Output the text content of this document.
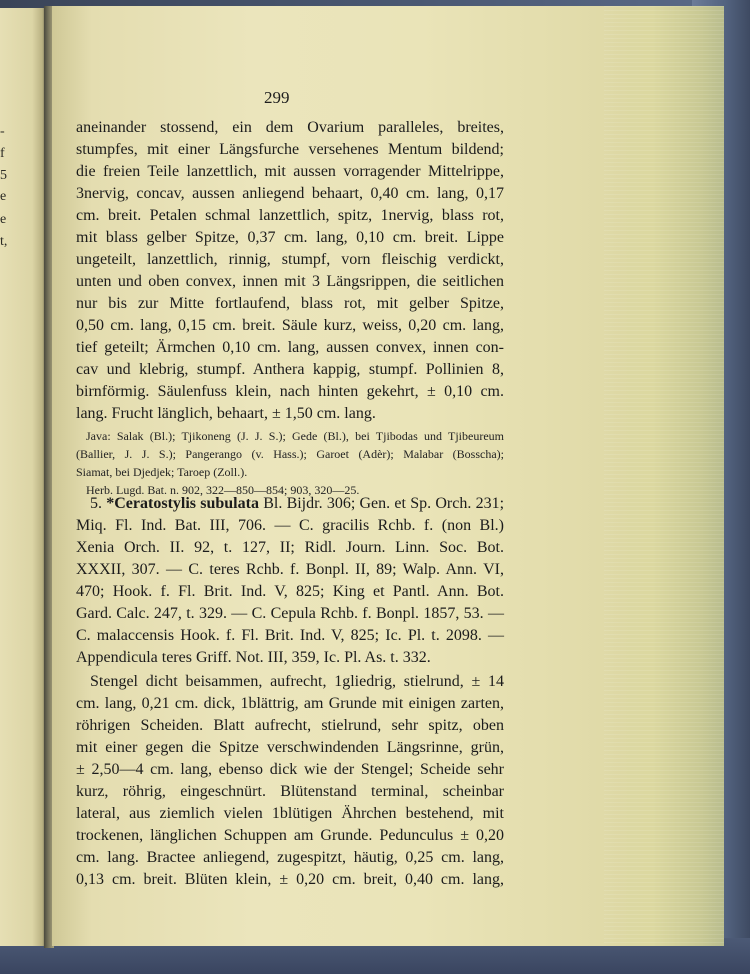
-
f
5
e
e
t,
299
aneinander stossend, ein dem Ovarium paralleles, breites,
stumpfes, mit einer Längsfurche versehenes Mentum bildend;
die freien Teile lanzettlich, mit aussen vorragender Mittelrippe,
3nervig, concav, aussen anliegend behaart, 0,40 cm. lang, 0,17
cm. breit. Petalen schmal lanzettlich, spitz, 1nervig, blass rot,
mit blass gelber Spitze, 0,37 cm. lang, 0,10 cm. breit. Lippe
ungeteilt, lanzettlich, rinnig, stumpf, vorn fleischig verdickt,
unten und oben convex, innen mit 3 Längsrippen, die seitlichen
nur bis zur Mitte fortlaufend, blass rot, mit gelber Spitze,
0,50 cm. lang, 0,15 cm. breit. Säule kurz, weiss, 0,20 cm. lang,
tief geteilt; Ärmchen 0,10 cm. lang, aussen convex, innen con-
cav und klebrig, stumpf. Anthera kappig, stumpf. Pollinien 8,
birnförmig. Säulenfuss klein, nach hinten gekehrt, ± 0,10 cm.
lang. Frucht länglich, behaart, ± 1,50 cm. lang.
Java: Salak (Bl.); Tjikoneng (J. J. S.); Gede (Bl.), bei Tjibodas und Tjibeureum
(Ballier, J. J. S.); Pangerango (v. Hass.); Garoet (Adèr); Malabar (Bosscha);
Siamat, bei Djedjek; Taroep (Zoll.).
Herb. Lugd. Bat. n. 902, 322—850—854; 903, 320—25.
5. *Ceratostylis subulata Bl. Bijdr. 306; Gen. et Sp. Orch. 231;
Miq. Fl. Ind. Bat. III, 706. — C. gracilis Rchb. f. (non Bl.)
Xenia Orch. II. 92, t. 127, II; Ridl. Journ. Linn. Soc. Bot.
XXXII, 307. — C. teres Rchb. f. Bonpl. II, 89; Walp. Ann. VI,
470; Hook. f. Fl. Brit. Ind. V, 825; King et Pantl. Ann. Bot.
Gard. Calc. 247, t. 329. — C. Cepula Rchb. f. Bonpl. 1857, 53. —
C. malaccensis Hook. f. Fl. Brit. Ind. V, 825; Ic. Pl. t. 2098. —
Appendicula teres Griff. Not. III, 359, Ic. Pl. As. t. 332.
Stengel dicht beisammen, aufrecht, 1gliedrig, stielrund, ± 14
cm. lang, 0,21 cm. dick, 1blättrig, am Grunde mit einigen zarten,
röhrigen Scheiden. Blatt aufrecht, stielrund, sehr spitz, oben
mit einer gegen die Spitze verschwindenden Längsrinne, grün,
± 2,50—4 cm. lang, ebenso dick wie der Stengel; Scheide sehr
kurz, röhrig, eingeschnürt. Blütenstand terminal, scheinbar
lateral, aus ziemlich vielen 1blütigen Ährchen bestehend, mit
trockenen, länglichen Schuppen am Grunde. Pedunculus ± 0,20
cm. lang. Bractee anliegend, zugespitzt, häutig, 0,25 cm. lang,
0,13 cm. breit. Blüten klein, ± 0,20 cm. breit, 0,40 cm. lang,
